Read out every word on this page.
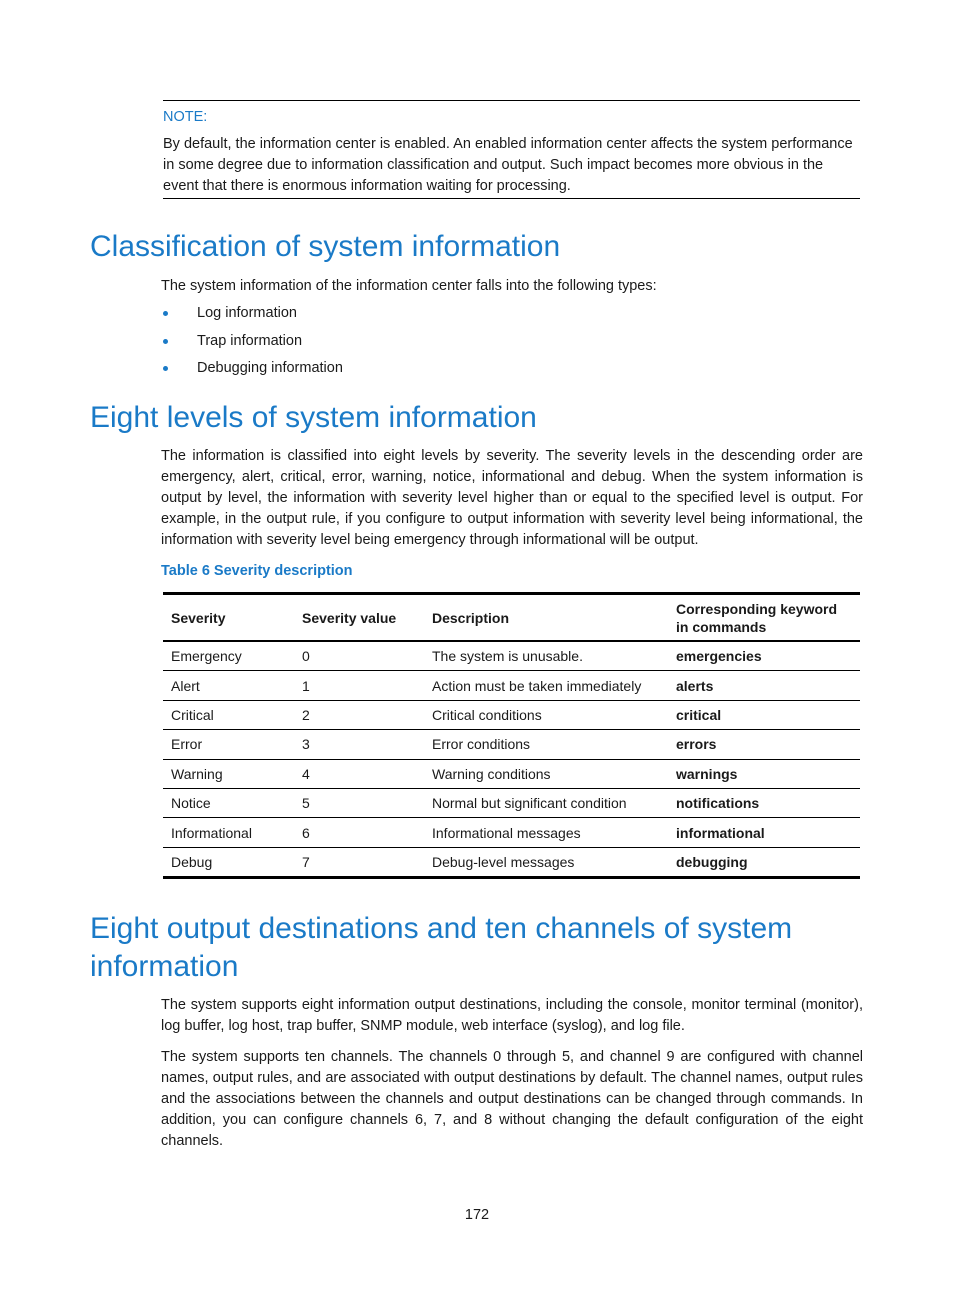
NOTE:
By default, the information center is enabled. An enabled information center affects the system performance in some degree due to information classification and output. Such impact becomes more obvious in the event that there is enormous information waiting for processing.
Classification of system information

The system information of the information center falls into the following types:

Log information
Trap information
Debugging information
Eight levels of system information

The information is classified into eight levels by severity. The severity levels in the descending order are emergency, alert, critical, error, warning, notice, informational and debug. When the system information is output by level, the information with severity level higher than or equal to the specified level is output. For example, in the output rule, if you configure to output information with severity level being informational, the information with severity level being emergency through informational will be output.

Table 6 Severity description
Severity	Severity value	Description	Corresponding keyword in commands
Emergency	0	The system is unusable.	emergencies
Alert	1	Action must be taken immediately	alerts
Critical	2	Critical conditions	critical
Error	3	Error conditions	errors
Warning	4	Warning conditions	warnings
Notice	5	Normal but significant condition	notifications
Informational	6	Informational messages	informational
Debug	7	Debug-level messages	debugging
Eight output destinations and ten channels of system information

The system supports eight information output destinations, including the console, monitor terminal (monitor), log buffer, log host, trap buffer, SNMP module, web interface (syslog), and log file.

The system supports ten channels. The channels 0 through 5, and channel 9 are configured with channel names, output rules, and are associated with output destinations by default. The channel names, output rules and the associations between the channels and output destinations can be changed through commands. In addition, you can configure channels 6, 7, and 8 without changing the default configuration of the eight channels.

172
